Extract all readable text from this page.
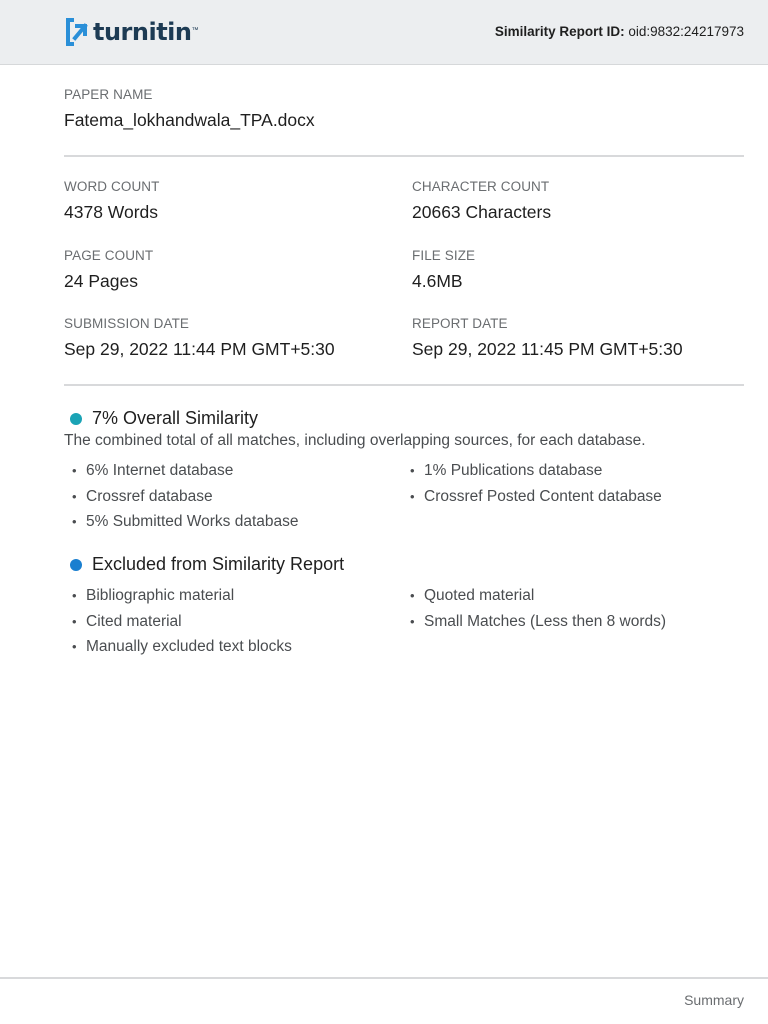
turnitin ™	Similarity Report ID: oid:9832:24217973
PAPER NAME
Fatema_lokhandwala_TPA.docx
WORD COUNT
4378 Words
CHARACTER COUNT
20663 Characters
PAGE COUNT
24 Pages
FILE SIZE
4.6MB
SUBMISSION DATE
Sep 29, 2022 11:44 PM GMT+5:30
REPORT DATE
Sep 29, 2022 11:45 PM GMT+5:30
7% Overall Similarity
The combined total of all matches, including overlapping sources, for each database.
• 6% Internet database
• Crossref database
• 5% Submitted Works database
• 1% Publications database
• Crossref Posted Content database
Excluded from Similarity Report
• Bibliographic material
• Cited material
• Manually excluded text blocks
• Quoted material
• Small Matches (Less then 8 words)
Summary
